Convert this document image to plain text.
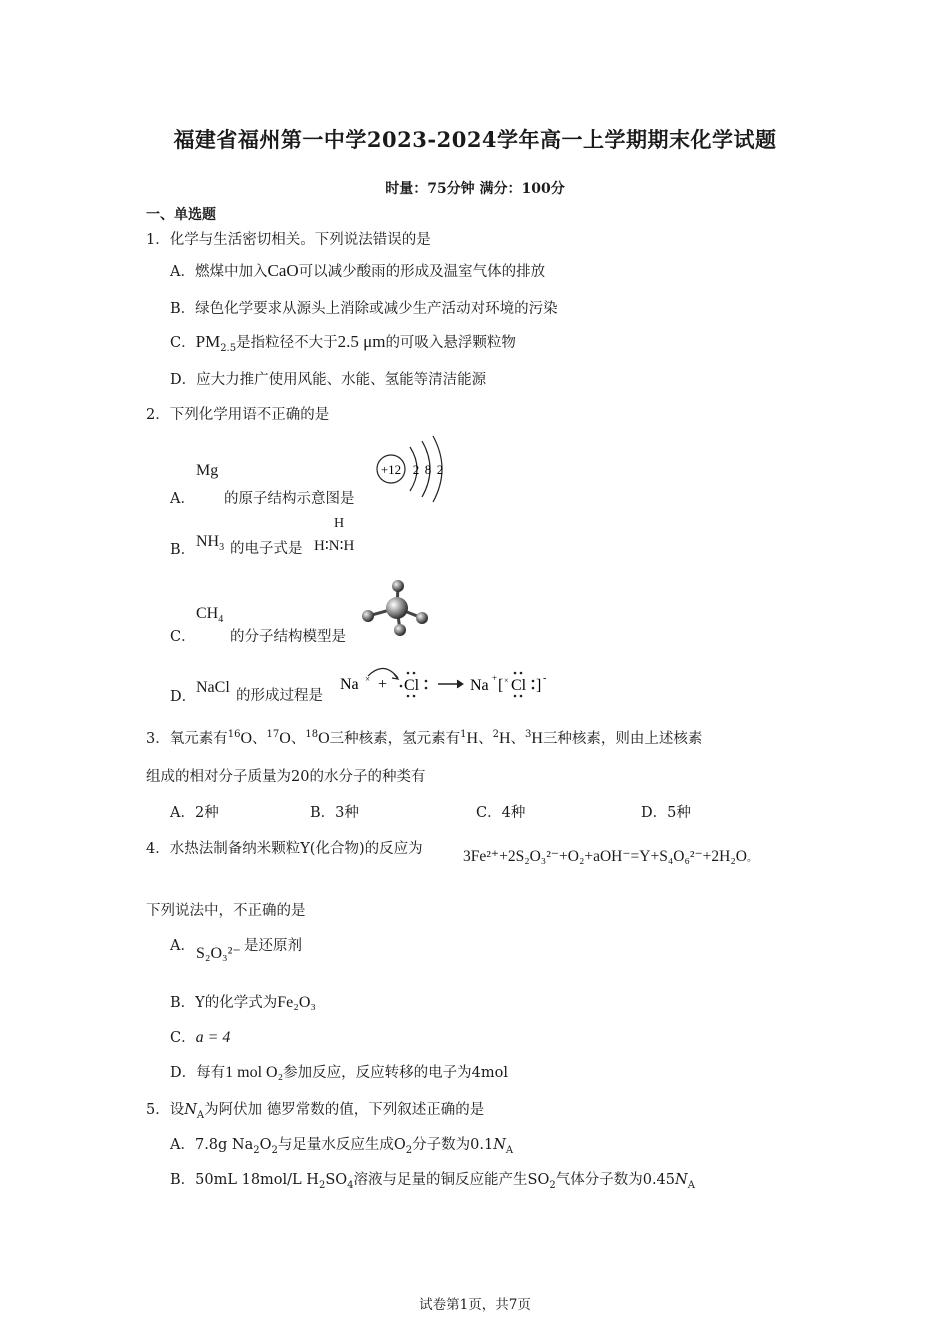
福建省福州第一中学2023-2024学年高一上学期期末化学试题
时量：75分钟 满分：100分
一、单选题
1．化学与生活密切相关。下列说法错误的是
A．燃煤中加入CaO可以减少酸雨的形成及温室气体的排放
B．绿色化学要求从源头上消除或减少生产活动对环境的污染
C．$PM_{2.5}$是指粒径不大于2.5 μm的可吸入悬浮颗粒物
D．应大力推广使用风能、水能、氢能等清洁能源
2．下列化学用语不正确的是
A．
Mg
的原子结构示意图是
+12 2 8 2
B． $NH_3$ 的电子式是
H
H∶N∶H
C．
$CH_4$
的分子结构模型是
D．
NaCl 的形成过程是
Na × + Cl	Na + [ × Cl ] -
3．氧元素有$^{16}$O、$^{17}$O、$^{18}$O三种核素，氢元素有$^1$H、$^2$H、$^3$H三种核素，则由上述核素
组成的相对分子质量为20的水分子的种类有
A．2种	B．3种	C．4种	D．5种
4．水热法制备纳米颗粒Y(化合物)的反应为	3Fe²⁺+2S₂O₃²⁻+O₂+aOH⁻=Y+S₄O₆²⁻+2H₂O。
下列说法中，不正确的是
A． S₂O₃²⁻ 是还原剂
B．Y的化学式为Fe₂O₃
C．a = 4
D．每有1 mol O₂参加反应，反应转移的电子为4mol
5．设$N_A$为阿伏加 德罗常数的值，下列叙述正确的是
A．7.8g $Na_2O_2$与足量水反应生成$O_2$分子数为$0.1N_A$
B．50mL 18mol/L $H_2SO_4$溶液与足量的铜反应能产生$SO_2$气体分子数为$0.45N_A$
试卷第1页，共7页
